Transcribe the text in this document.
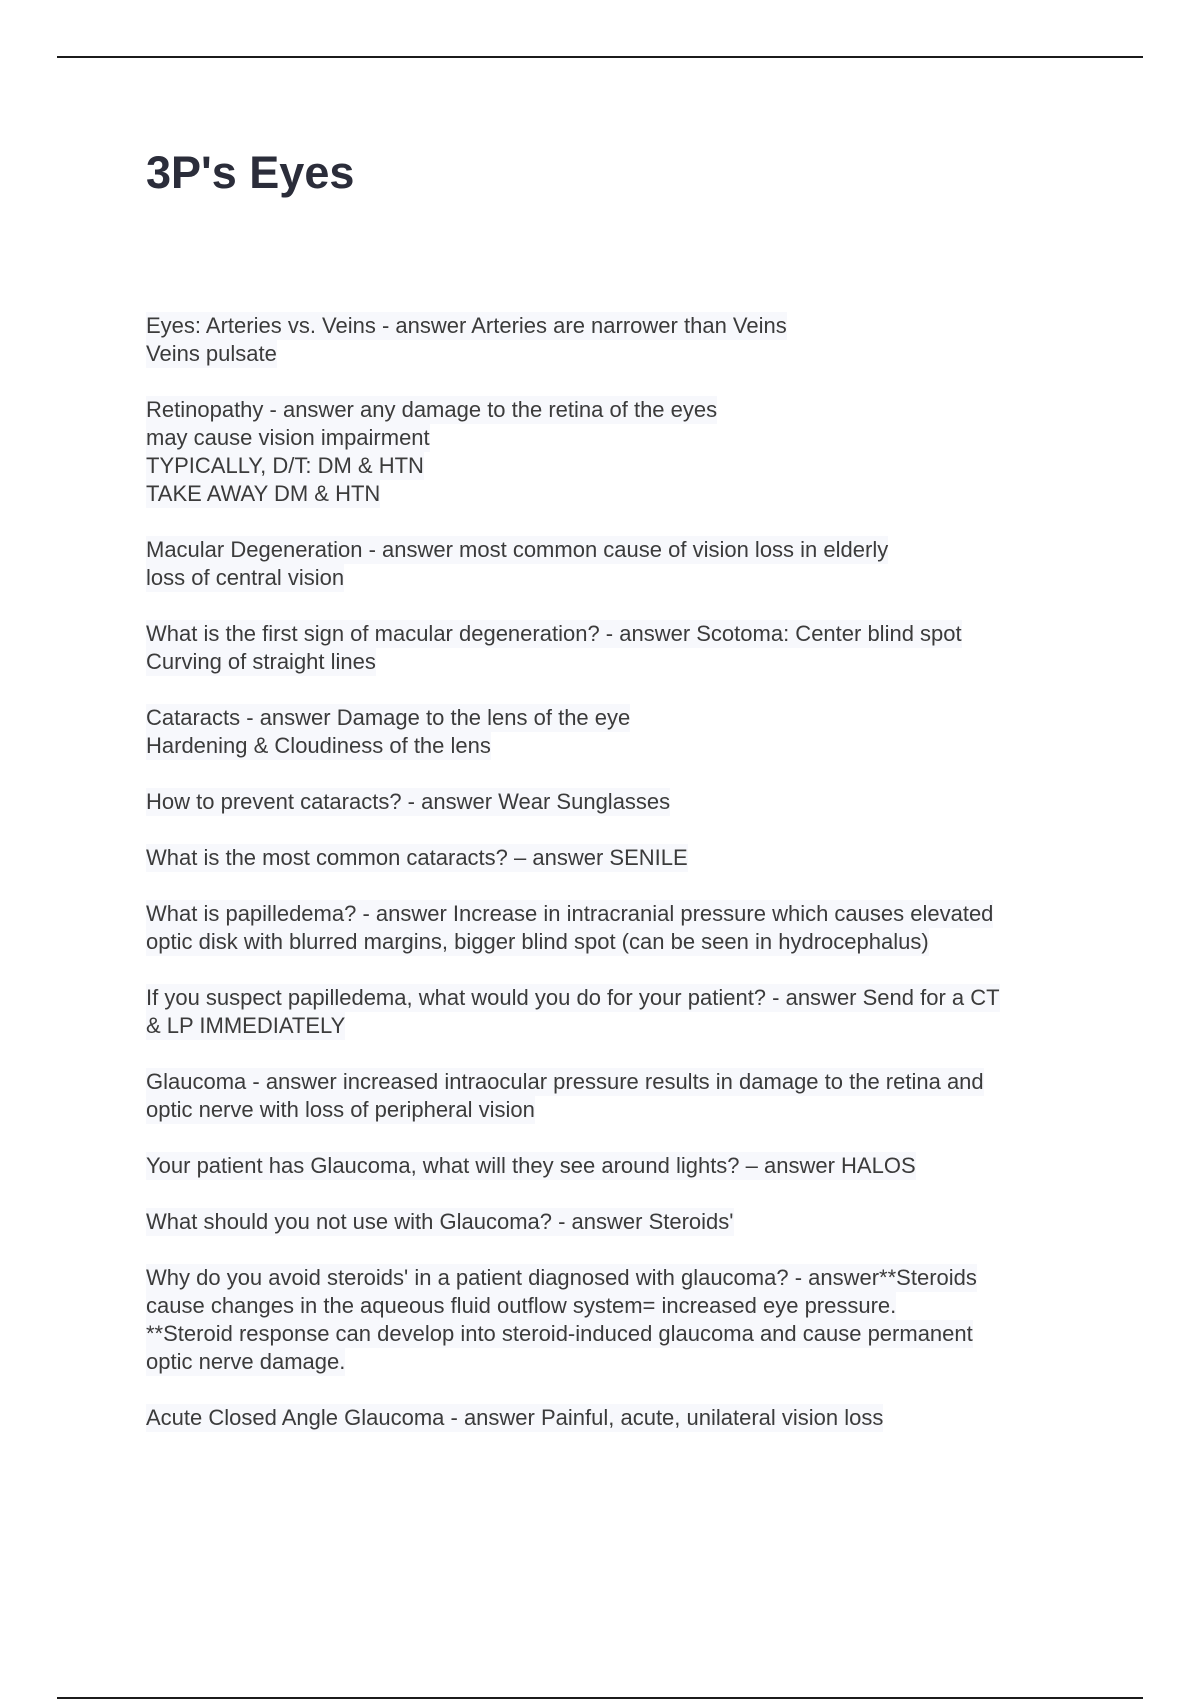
3P's Eyes
Eyes: Arteries vs. Veins - answer Arteries are narrower than Veins
Veins pulsate
Retinopathy - answer any damage to the retina of the eyes
may cause vision impairment
TYPICALLY, D/T: DM & HTN
TAKE AWAY DM & HTN
Macular Degeneration - answer most common cause of vision loss in elderly
loss of central vision
What is the first sign of macular degeneration? - answer Scotoma: Center blind spot
Curving of straight lines
Cataracts - answer Damage to the lens of the eye
Hardening & Cloudiness of the lens
How to prevent cataracts? - answer Wear Sunglasses
What is the most common cataracts? – answer SENILE
What is papilledema? - answer Increase in intracranial pressure which causes elevated
optic disk with blurred margins, bigger blind spot (can be seen in hydrocephalus)
If you suspect papilledema, what would you do for your patient? - answer Send for a CT
& LP IMMEDIATELY
Glaucoma - answer increased intraocular pressure results in damage to the retina and
optic nerve with loss of peripheral vision
Your patient has Glaucoma, what will they see around lights? – answer HALOS
What should you not use with Glaucoma? - answer Steroids'
Why do you avoid steroids' in a patient diagnosed with glaucoma? - answer**Steroids
cause changes in the aqueous fluid outflow system= increased eye pressure.
**Steroid response can develop into steroid-induced glaucoma and cause permanent
optic nerve damage.
Acute Closed Angle Glaucoma - answer Painful, acute, unilateral vision loss
